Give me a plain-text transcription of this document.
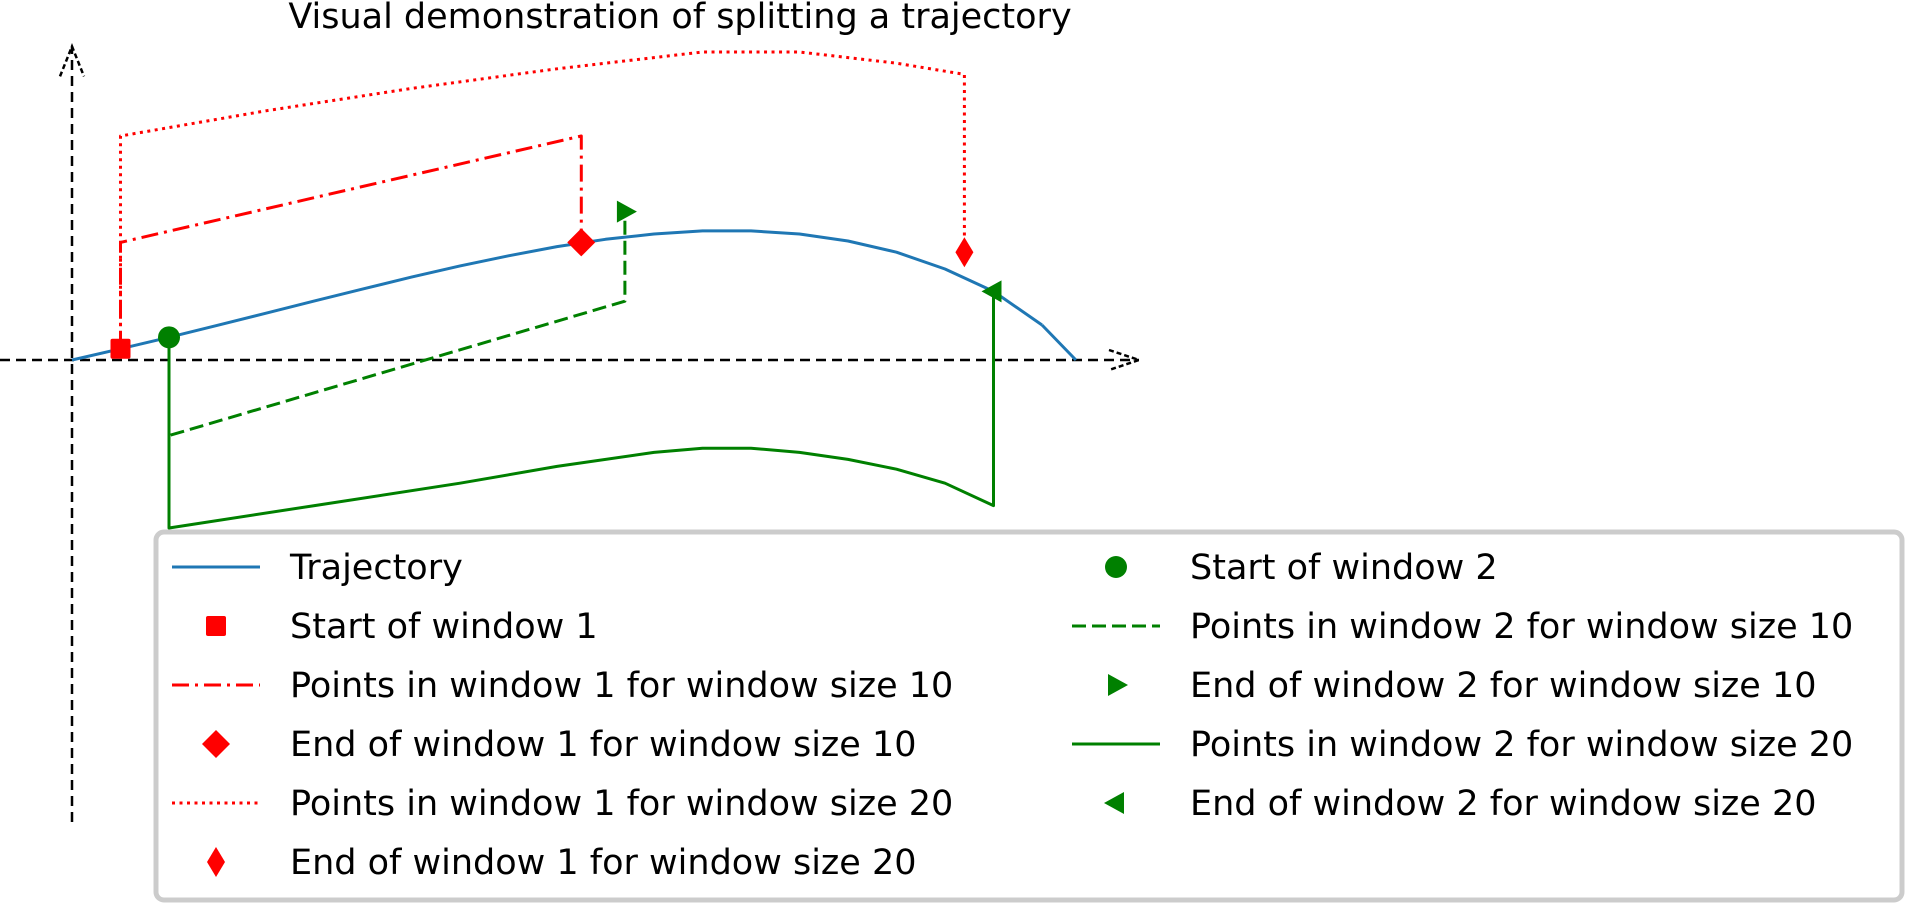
Visual demonstration of splitting a trajectory
Trajectory
Start of window 1
Points in window 1 for window size 10
End of window 1 for window size 10
Points in window 1 for window size 20
End of window 1 for window size 20
Start of window 2
Points in window 2 for window size 10
End of window 2 for window size 10
Points in window 2 for window size 20
End of window 2 for window size 20
